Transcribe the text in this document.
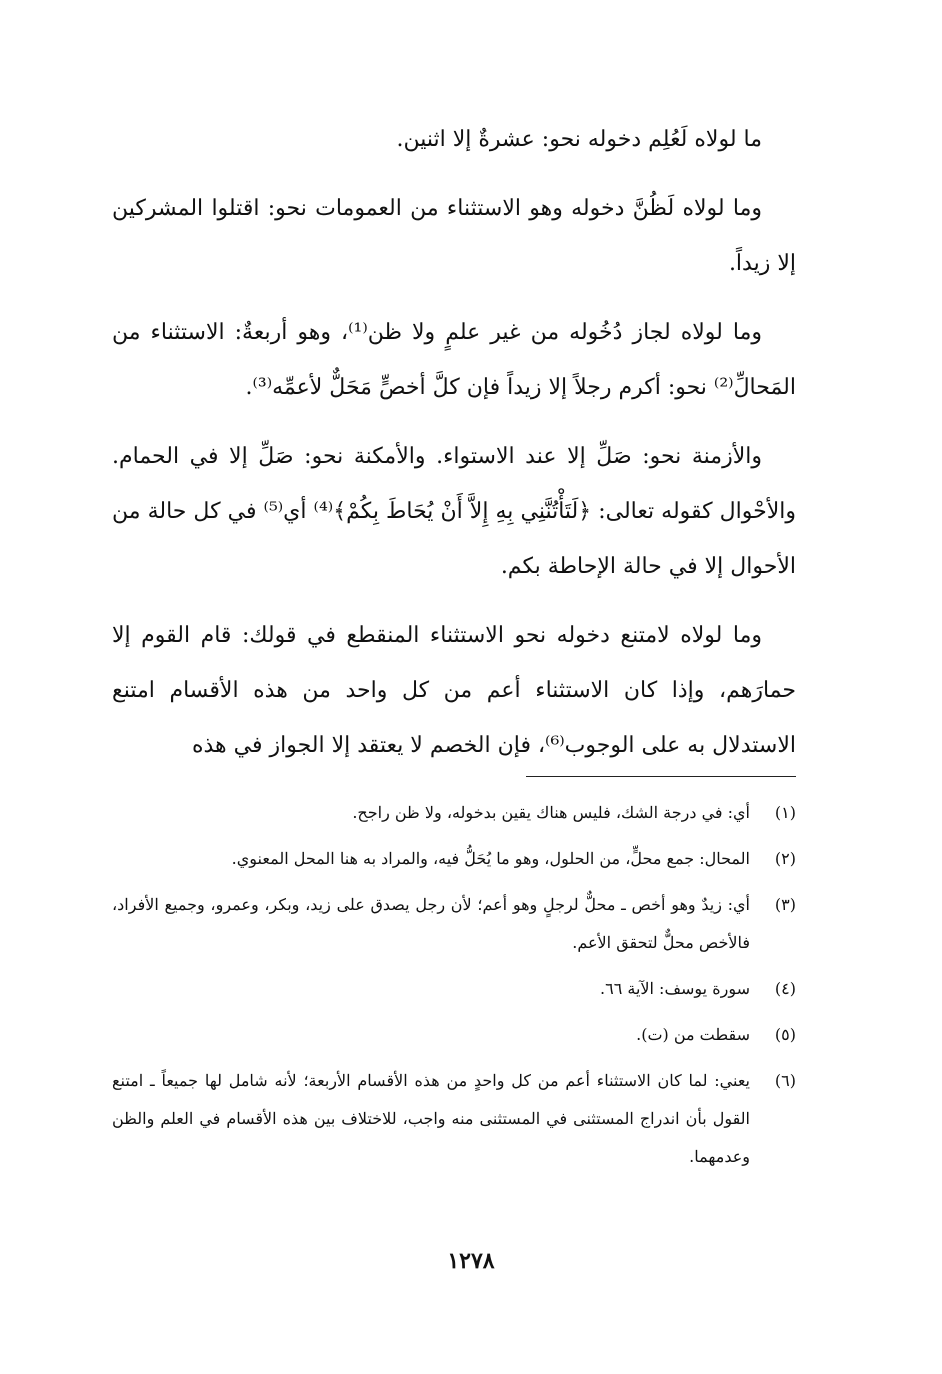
ما لولاه لَعُلِم دخوله نحو: عشرةٌ إلا اثنين.

وما لولاه لَظُنَّ دخوله وهو الاستثناء من العمومات نحو: اقتلوا المشركين إلا زيداً.

وما لولاه لجاز دُخُوله من غير علمٍ ولا ظن⁽¹⁾، وهو أربعةٌ: الاستثناء من المَحالِّ⁽²⁾ نحو: أكرم رجلاً إلا زيداً فإن كلَّ أخصٍّ مَحَلٌّ لأعمِّه⁽³⁾.

والأزمنة نحو: صَلِّ إلا عند الاستواء. والأمكنة نحو: صَلِّ إلا في الحمام. والأحْوال كقوله تعالى: ﴿لَتَأْتُنَّنِي بِهِ إِلاَّ أَنْ يُحَاطَ بِكُمْ﴾⁽⁴⁾ أي⁽⁵⁾ في كل حالة من الأحوال إلا في حالة الإحاطة بكم.

وما لولاه لامتنع دخوله نحو الاستثناء المنقطع في قولك: قام القوم إلا حمارَهم، وإذا كان الاستثناء أعم من كل واحد من هذه الأقسام امتنع الاستدلال به على الوجوب⁽⁶⁾، فإن الخصم لا يعتقد إلا الجواز في هذه

(١)
أي: في درجة الشك، فليس هناك يقين بدخوله، ولا ظن راجح.
(٢)
المحال: جمع محلٍّ، من الحلول، وهو ما يُحَلُّ فيه، والمراد به هنا المحل المعنوي.
(٣)
أي: زيدٌ وهو أخص ـ محلٌّ لرجلٍ وهو أعم؛ لأن رجل يصدق على زيد، وبكر، وعمرو، وجميع الأفراد، فالأخص محلٌّ لتحقق الأعم.
(٤)
سورة يوسف: الآية ٦٦.
(٥)
سقطت من (ت).
(٦)
يعني: لما كان الاستثناء أعم من كل واحدٍ من هذه الأقسام الأربعة؛ لأنه شامل لها جميعاً ـ امتنع القول بأن اندراج المستثنى في المستثنى منه واجب، للاختلاف بين هذه الأقسام في العلم والظن وعدمهما.
١٢٧٨
